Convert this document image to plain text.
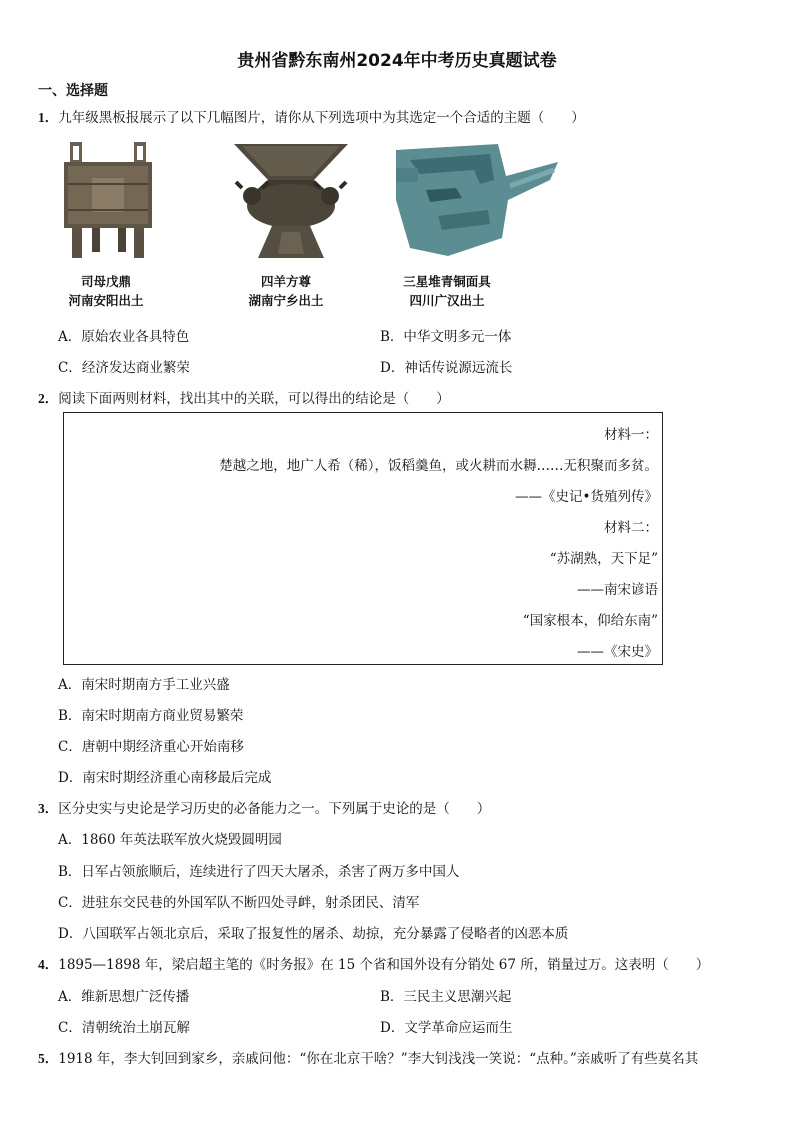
贵州省黔东南州2024年中考历史真题试卷
一、选择题
1．九年级黑板报展示了以下几幅图片，请你从下列选项中为其选定一个合适的主题（　　）
司母戊鼎
河南安阳出土
四羊方尊
湖南宁乡出土
三星堆青铜面具
四川广汉出土
A．原始农业各具特色	B．中华文明多元一体
C．经济发达商业繁荣	D．神话传说源远流长
2．阅读下面两则材料，找出其中的关联，可以得出的结论是（　　）
材料一：
楚越之地，地广人希（稀），饭稻羹鱼，或火耕而水耨……无积聚而多贫。
——《史记•货殖列传》
材料二：
“苏湖熟，天下足”
——南宋谚语
“国家根本，仰给东南”
——《宋史》
A．南宋时期南方手工业兴盛
B．南宋时期南方商业贸易繁荣
C．唐朝中期经济重心开始南移
D．南宋时期经济重心南移最后完成
3．区分史实与史论是学习历史的必备能力之一。下列属于史论的是（　　）
A．1860 年英法联军放火烧毁圆明园
B．日军占领旅顺后，连续进行了四天大屠杀，杀害了两万多中国人
C．进驻东交民巷的外国军队不断四处寻衅，射杀团民、清军
D．八国联军占领北京后，采取了报复性的屠杀、劫掠，充分暴露了侵略者的凶恶本质
4．1895—1898 年，梁启超主笔的《时务报》在 15 个省和国外设有分销处 67 所，销量过万。这表明（　　）
A．维新思想广泛传播	B．三民主义思潮兴起
C．清朝统治土崩瓦解	D．文学革命应运而生
5．1918 年，李大钊回到家乡，亲戚问他：“你在北京干啥？”李大钊浅浅一笑说：“点种。”亲戚听了有些莫名其
